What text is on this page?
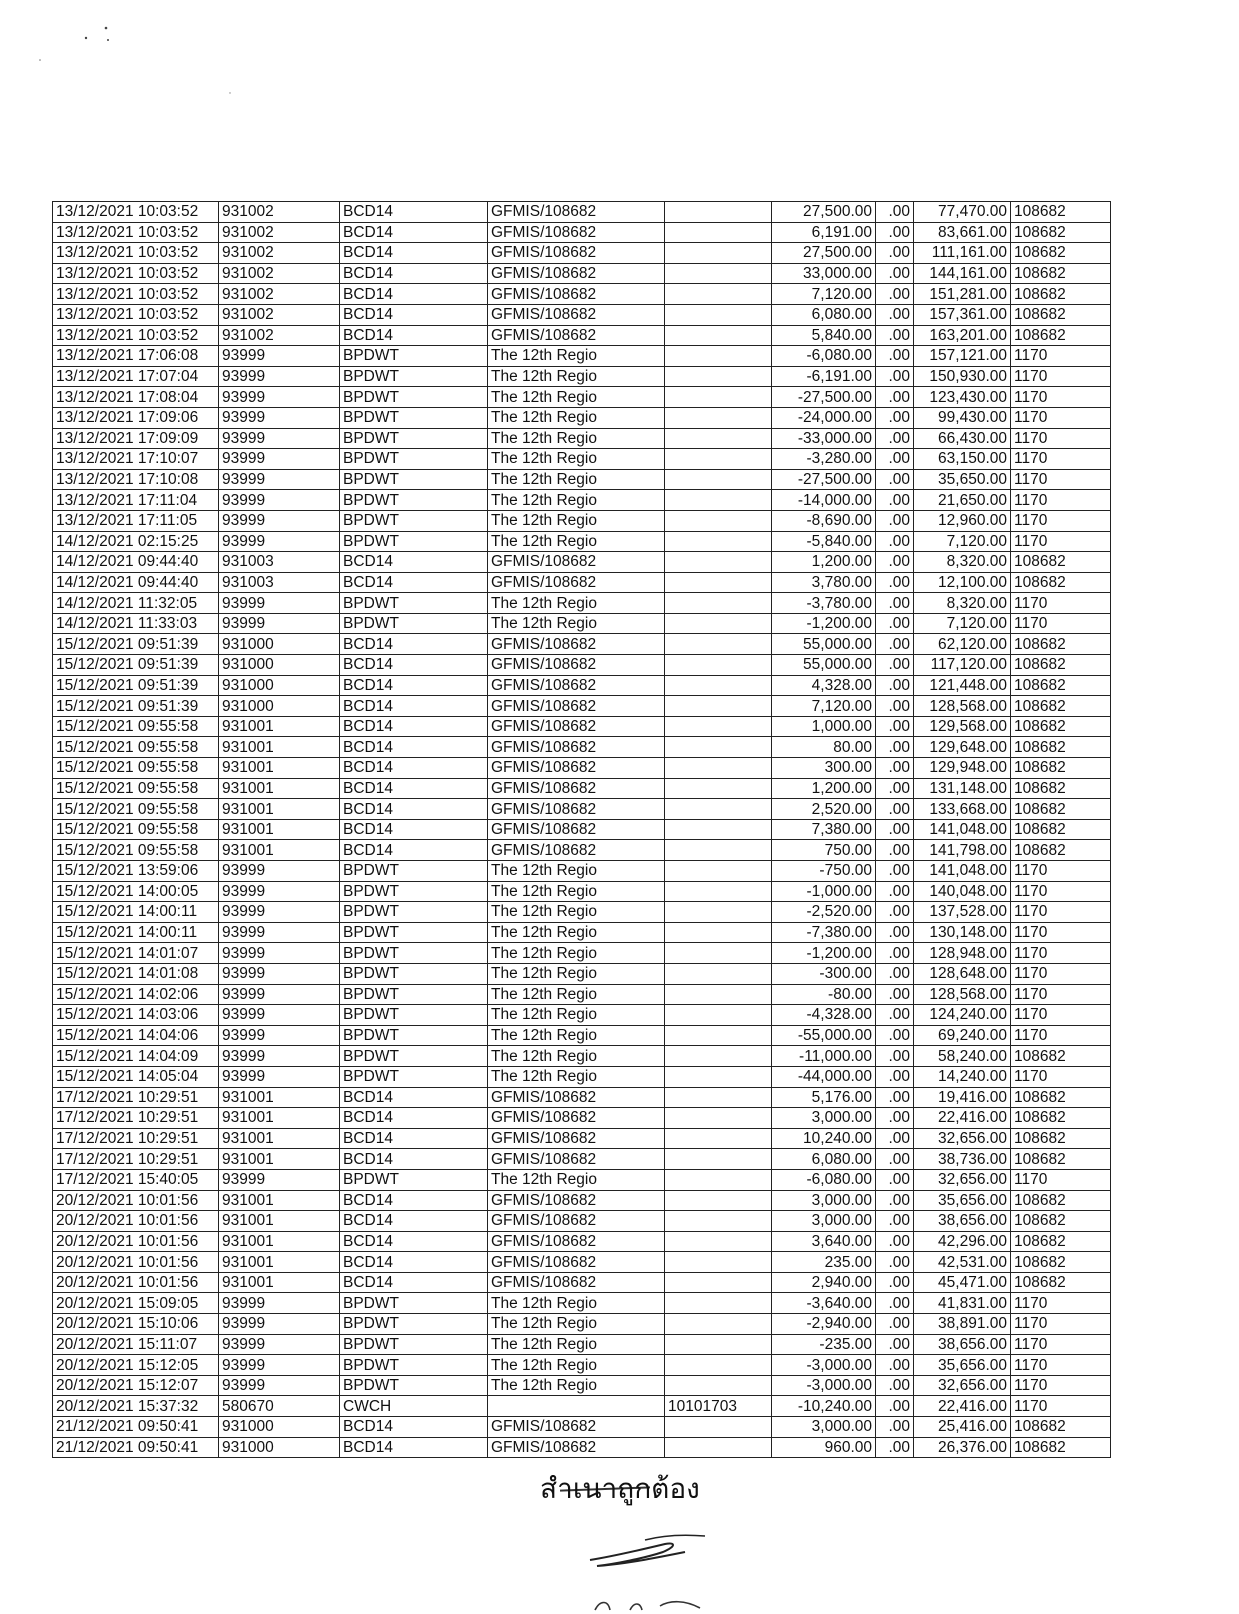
13/12/2021 10:03:52	931002	BCD14	GFMIS/108682		27,500.00	.00	77,470.00	108682
13/12/2021 10:03:52	931002	BCD14	GFMIS/108682		6,191.00	.00	83,661.00	108682
13/12/2021 10:03:52	931002	BCD14	GFMIS/108682		27,500.00	.00	111,161.00	108682
13/12/2021 10:03:52	931002	BCD14	GFMIS/108682		33,000.00	.00	144,161.00	108682
13/12/2021 10:03:52	931002	BCD14	GFMIS/108682		7,120.00	.00	151,281.00	108682
13/12/2021 10:03:52	931002	BCD14	GFMIS/108682		6,080.00	.00	157,361.00	108682
13/12/2021 10:03:52	931002	BCD14	GFMIS/108682		5,840.00	.00	163,201.00	108682
13/12/2021 17:06:08	93999	BPDWT	The 12th Regio		-6,080.00	.00	157,121.00	1170
13/12/2021 17:07:04	93999	BPDWT	The 12th Regio		-6,191.00	.00	150,930.00	1170
13/12/2021 17:08:04	93999	BPDWT	The 12th Regio		-27,500.00	.00	123,430.00	1170
13/12/2021 17:09:06	93999	BPDWT	The 12th Regio		-24,000.00	.00	99,430.00	1170
13/12/2021 17:09:09	93999	BPDWT	The 12th Regio		-33,000.00	.00	66,430.00	1170
13/12/2021 17:10:07	93999	BPDWT	The 12th Regio		-3,280.00	.00	63,150.00	1170
13/12/2021 17:10:08	93999	BPDWT	The 12th Regio		-27,500.00	.00	35,650.00	1170
13/12/2021 17:11:04	93999	BPDWT	The 12th Regio		-14,000.00	.00	21,650.00	1170
13/12/2021 17:11:05	93999	BPDWT	The 12th Regio		-8,690.00	.00	12,960.00	1170
14/12/2021 02:15:25	93999	BPDWT	The 12th Regio		-5,840.00	.00	7,120.00	1170
14/12/2021 09:44:40	931003	BCD14	GFMIS/108682		1,200.00	.00	8,320.00	108682
14/12/2021 09:44:40	931003	BCD14	GFMIS/108682		3,780.00	.00	12,100.00	108682
14/12/2021 11:32:05	93999	BPDWT	The 12th Regio		-3,780.00	.00	8,320.00	1170
14/12/2021 11:33:03	93999	BPDWT	The 12th Regio		-1,200.00	.00	7,120.00	1170
15/12/2021 09:51:39	931000	BCD14	GFMIS/108682		55,000.00	.00	62,120.00	108682
15/12/2021 09:51:39	931000	BCD14	GFMIS/108682		55,000.00	.00	117,120.00	108682
15/12/2021 09:51:39	931000	BCD14	GFMIS/108682		4,328.00	.00	121,448.00	108682
15/12/2021 09:51:39	931000	BCD14	GFMIS/108682		7,120.00	.00	128,568.00	108682
15/12/2021 09:55:58	931001	BCD14	GFMIS/108682		1,000.00	.00	129,568.00	108682
15/12/2021 09:55:58	931001	BCD14	GFMIS/108682		80.00	.00	129,648.00	108682
15/12/2021 09:55:58	931001	BCD14	GFMIS/108682		300.00	.00	129,948.00	108682
15/12/2021 09:55:58	931001	BCD14	GFMIS/108682		1,200.00	.00	131,148.00	108682
15/12/2021 09:55:58	931001	BCD14	GFMIS/108682		2,520.00	.00	133,668.00	108682
15/12/2021 09:55:58	931001	BCD14	GFMIS/108682		7,380.00	.00	141,048.00	108682
15/12/2021 09:55:58	931001	BCD14	GFMIS/108682		750.00	.00	141,798.00	108682
15/12/2021 13:59:06	93999	BPDWT	The 12th Regio		-750.00	.00	141,048.00	1170
15/12/2021 14:00:05	93999	BPDWT	The 12th Regio		-1,000.00	.00	140,048.00	1170
15/12/2021 14:00:11	93999	BPDWT	The 12th Regio		-2,520.00	.00	137,528.00	1170
15/12/2021 14:00:11	93999	BPDWT	The 12th Regio		-7,380.00	.00	130,148.00	1170
15/12/2021 14:01:07	93999	BPDWT	The 12th Regio		-1,200.00	.00	128,948.00	1170
15/12/2021 14:01:08	93999	BPDWT	The 12th Regio		-300.00	.00	128,648.00	1170
15/12/2021 14:02:06	93999	BPDWT	The 12th Regio		-80.00	.00	128,568.00	1170
15/12/2021 14:03:06	93999	BPDWT	The 12th Regio		-4,328.00	.00	124,240.00	1170
15/12/2021 14:04:06	93999	BPDWT	The 12th Regio		-55,000.00	.00	69,240.00	1170
15/12/2021 14:04:09	93999	BPDWT	The 12th Regio		-11,000.00	.00	58,240.00	108682
15/12/2021 14:05:04	93999	BPDWT	The 12th Regio		-44,000.00	.00	14,240.00	1170
17/12/2021 10:29:51	931001	BCD14	GFMIS/108682		5,176.00	.00	19,416.00	108682
17/12/2021 10:29:51	931001	BCD14	GFMIS/108682		3,000.00	.00	22,416.00	108682
17/12/2021 10:29:51	931001	BCD14	GFMIS/108682		10,240.00	.00	32,656.00	108682
17/12/2021 10:29:51	931001	BCD14	GFMIS/108682		6,080.00	.00	38,736.00	108682
17/12/2021 15:40:05	93999	BPDWT	The 12th Regio		-6,080.00	.00	32,656.00	1170
20/12/2021 10:01:56	931001	BCD14	GFMIS/108682		3,000.00	.00	35,656.00	108682
20/12/2021 10:01:56	931001	BCD14	GFMIS/108682		3,000.00	.00	38,656.00	108682
20/12/2021 10:01:56	931001	BCD14	GFMIS/108682		3,640.00	.00	42,296.00	108682
20/12/2021 10:01:56	931001	BCD14	GFMIS/108682		235.00	.00	42,531.00	108682
20/12/2021 10:01:56	931001	BCD14	GFMIS/108682		2,940.00	.00	45,471.00	108682
20/12/2021 15:09:05	93999	BPDWT	The 12th Regio		-3,640.00	.00	41,831.00	1170
20/12/2021 15:10:06	93999	BPDWT	The 12th Regio		-2,940.00	.00	38,891.00	1170
20/12/2021 15:11:07	93999	BPDWT	The 12th Regio		-235.00	.00	38,656.00	1170
20/12/2021 15:12:05	93999	BPDWT	The 12th Regio		-3,000.00	.00	35,656.00	1170
20/12/2021 15:12:07	93999	BPDWT	The 12th Regio		-3,000.00	.00	32,656.00	1170
20/12/2021 15:37:32	580670	CWCH		10101703	-10,240.00	.00	22,416.00	1170
21/12/2021 09:50:41	931000	BCD14	GFMIS/108682		3,000.00	.00	25,416.00	108682
21/12/2021 09:50:41	931000	BCD14	GFMIS/108682		960.00	.00	26,376.00	108682
สำเนาถูกต้อง
